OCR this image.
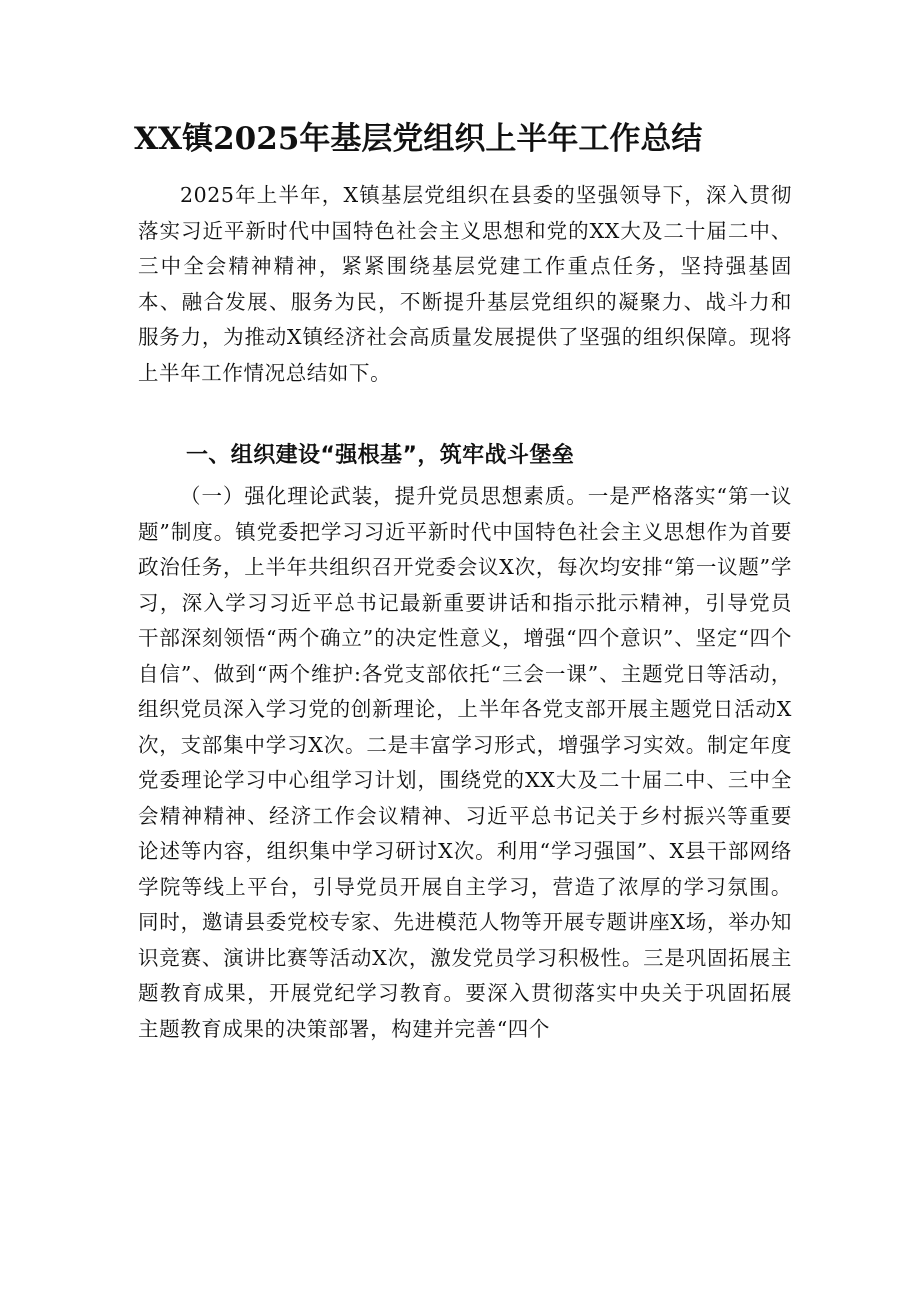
XX镇2025年基层党组织上半年工作总结

2025年上半年，X镇基层党组织在县委的坚强领导下，深入贯彻落实习近平新时代中国特色社会主义思想和党的XX大及二十届二中、三中全会精神精神，紧紧围绕基层党建工作重点任务，坚持强基固本、融合发展、服务为民，不断提升基层党组织的凝聚力、战斗力和服务力，为推动X镇经济社会高质量发展提供了坚强的组织保障。现将上半年工作情况总结如下。

一、组织建设“强根基”，筑牢战斗堡垒

（一）强化理论武装，提升党员思想素质。一是严格落实“第一议题”制度。镇党委把学习习近平新时代中国特色社会主义思想作为首要政治任务，上半年共组织召开党委会议X次，每次均安排“第一议题”学习，深入学习习近平总书记最新重要讲话和指示批示精神，引导党员干部深刻领悟“两个确立”的决定性意义，增强“四个意识”、坚定“四个自信”、做到“两个维护:各党支部依托“三会一课”、主题党日等活动，组织党员深入学习党的创新理论，上半年各党支部开展主题党日活动X次，支部集中学习X次。二是丰富学习形式，增强学习实效。制定年度党委理论学习中心组学习计划，围绕党的XX大及二十届二中、三中全会精神精神、经济工作会议精神、习近平总书记关于乡村振兴等重要论述等内容，组织集中学习研讨X次。利用“学习强国”、X县干部网络学院等线上平台，引导党员开展自主学习，营造了浓厚的学习氛围。同时，邀请县委党校专家、先进模范人物等开展专题讲座X场，举办知识竞赛、演讲比赛等活动X次，激发党员学习积极性。三是巩固拓展主题教育成果，开展党纪学习教育。要深入贯彻落实中央关于巩固拓展主题教育成果的决策部署，构建并完善“四个
